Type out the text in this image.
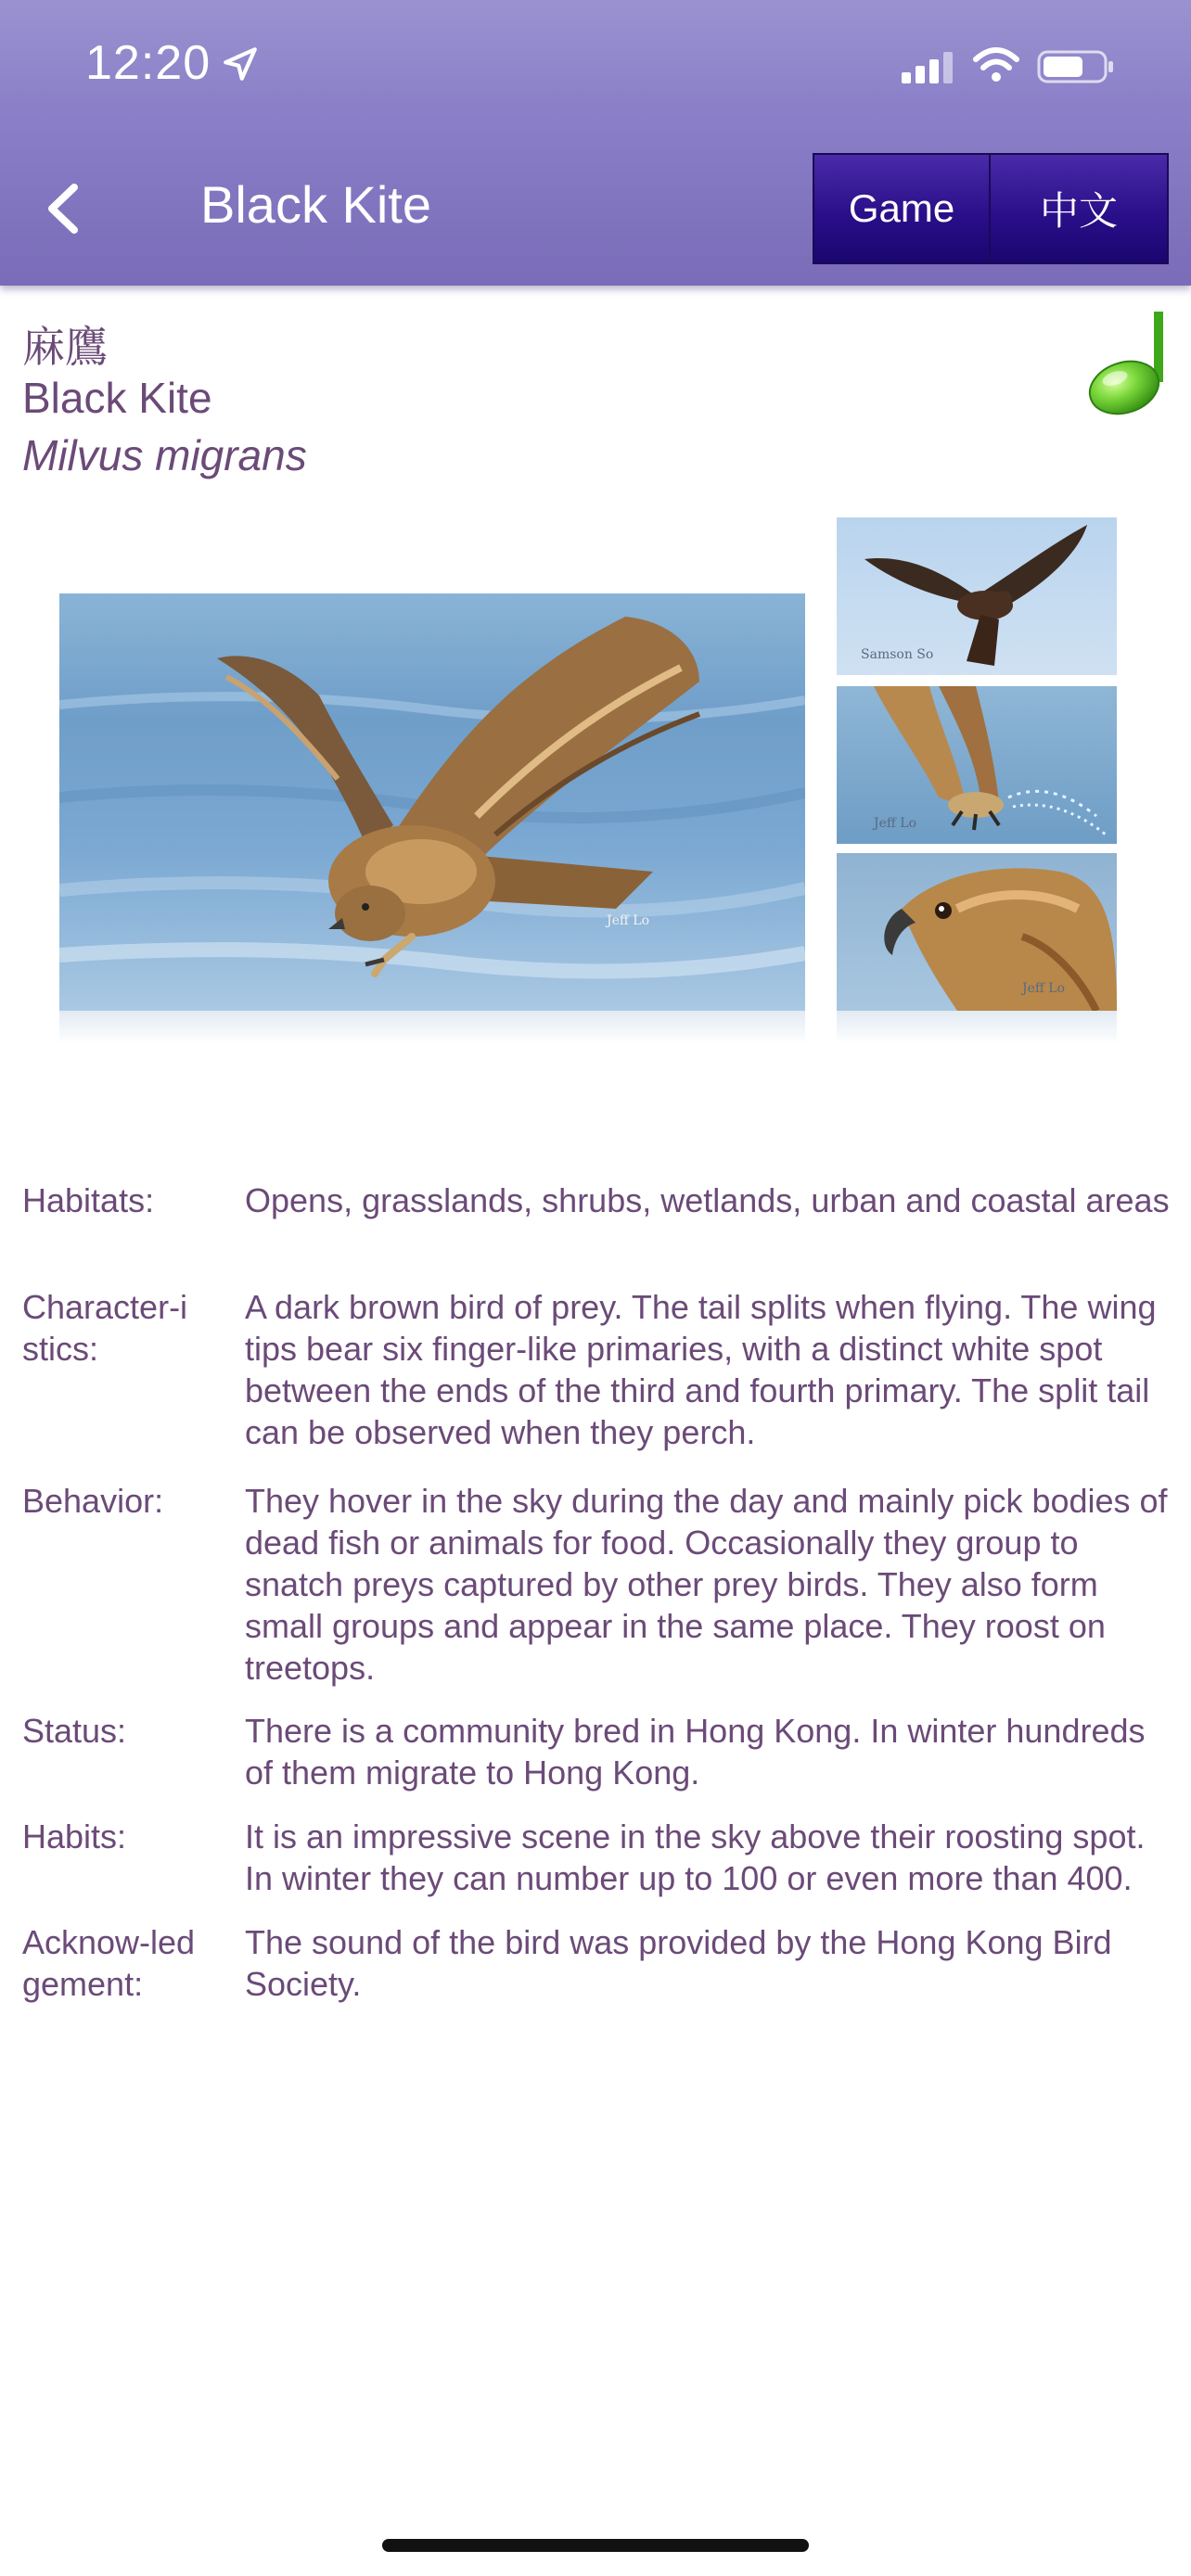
12:20
Black Kite	Game	中文
麻鷹
Black Kite
Milvus migrans
Jeff Lo
Samson So
Jeff Lo
Jeff Lo
Habitats:	Opens, grasslands, shrubs, wetlands, urban and coastal areas
Character-istics:
A dark brown bird of prey. The tail splits when flying. The wing tips bear six finger-like primaries, with a distinct white spot between the ends of the third and fourth primary. The split tail can be observed when they perch.
Behavior:	They hover in the sky during the day and mainly pick bodies of dead fish or animals for food. Occasionally they group to snatch preys captured by other prey birds. They also form small groups and appear in the same place. They roost on treetops.
Status:	There is a community bred in Hong Kong. In winter hundreds of them migrate to Hong Kong.
Habits:	It is an impressive scene in the sky above their roosting spot. In winter they can number up to 100 or even more than 400.
Acknow-ledgement:
The sound of the bird was provided by the Hong Kong Bird Society.
